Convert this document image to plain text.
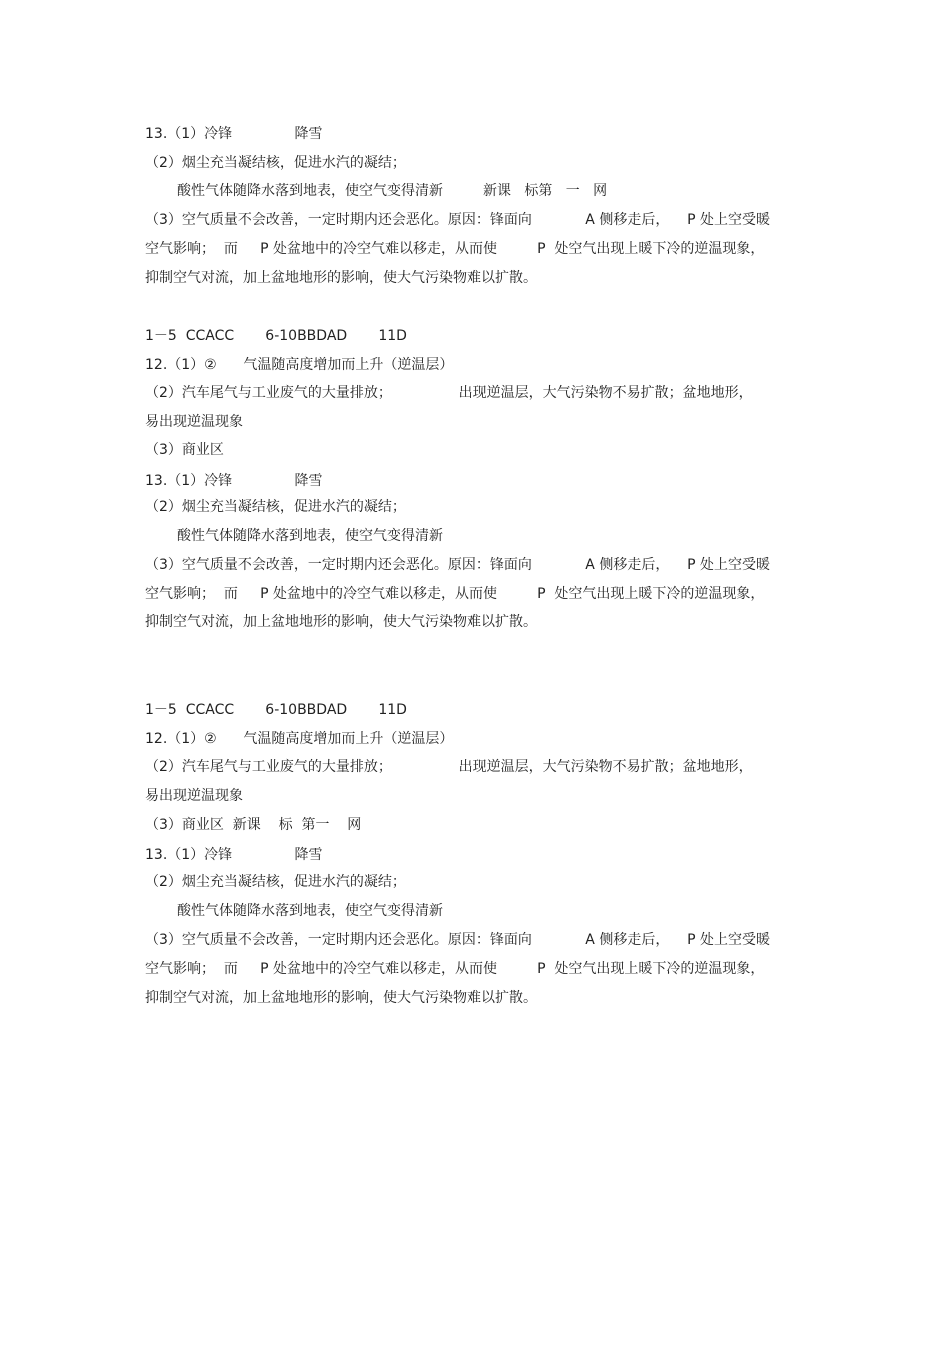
13.（1）冷锋              降雪

（2）烟尘充当凝结核，促进水汽的凝结；

酸性气体随降水落到地表，使空气变得清新         新课   标第   一   网

（3）空气质量不会改善，一定时期内还会恶化。原因：锋面向            A 侧移走后，    P 处上空受暖

空气影响；  而     P 处盆地中的冷空气难以移走，从而使         P  处空气出现上暖下冷的逆温现象，

抑制空气对流，加上盆地地形的影响，使大气污染物难以扩散。

1－5  CCACC       6-10BBDAD       11D

12.（1）②      气温随高度增加而上升（逆温层）

（2）汽车尾气与工业废气的大量排放；               出现逆温层，大气污染物不易扩散；盆地地形，

易出现逆温现象

（3）商业区

13.（1）冷锋              降雪

（2）烟尘充当凝结核，促进水汽的凝结；

酸性气体随降水落到地表，使空气变得清新

（3）空气质量不会改善，一定时期内还会恶化。原因：锋面向            A 侧移走后，    P 处上空受暖

空气影响；  而     P 处盆地中的冷空气难以移走，从而使         P  处空气出现上暖下冷的逆温现象，

抑制空气对流，加上盆地地形的影响，使大气污染物难以扩散。

1－5  CCACC       6-10BBDAD       11D

12.（1）②      气温随高度增加而上升（逆温层）

（2）汽车尾气与工业废气的大量排放；               出现逆温层，大气污染物不易扩散；盆地地形，

易出现逆温现象

（3）商业区  新课    标  第一    网

13.（1）冷锋              降雪

（2）烟尘充当凝结核，促进水汽的凝结；

酸性气体随降水落到地表，使空气变得清新

（3）空气质量不会改善，一定时期内还会恶化。原因：锋面向            A 侧移走后，    P 处上空受暖

空气影响；  而     P 处盆地中的冷空气难以移走，从而使         P  处空气出现上暖下冷的逆温现象，

抑制空气对流，加上盆地地形的影响，使大气污染物难以扩散。
